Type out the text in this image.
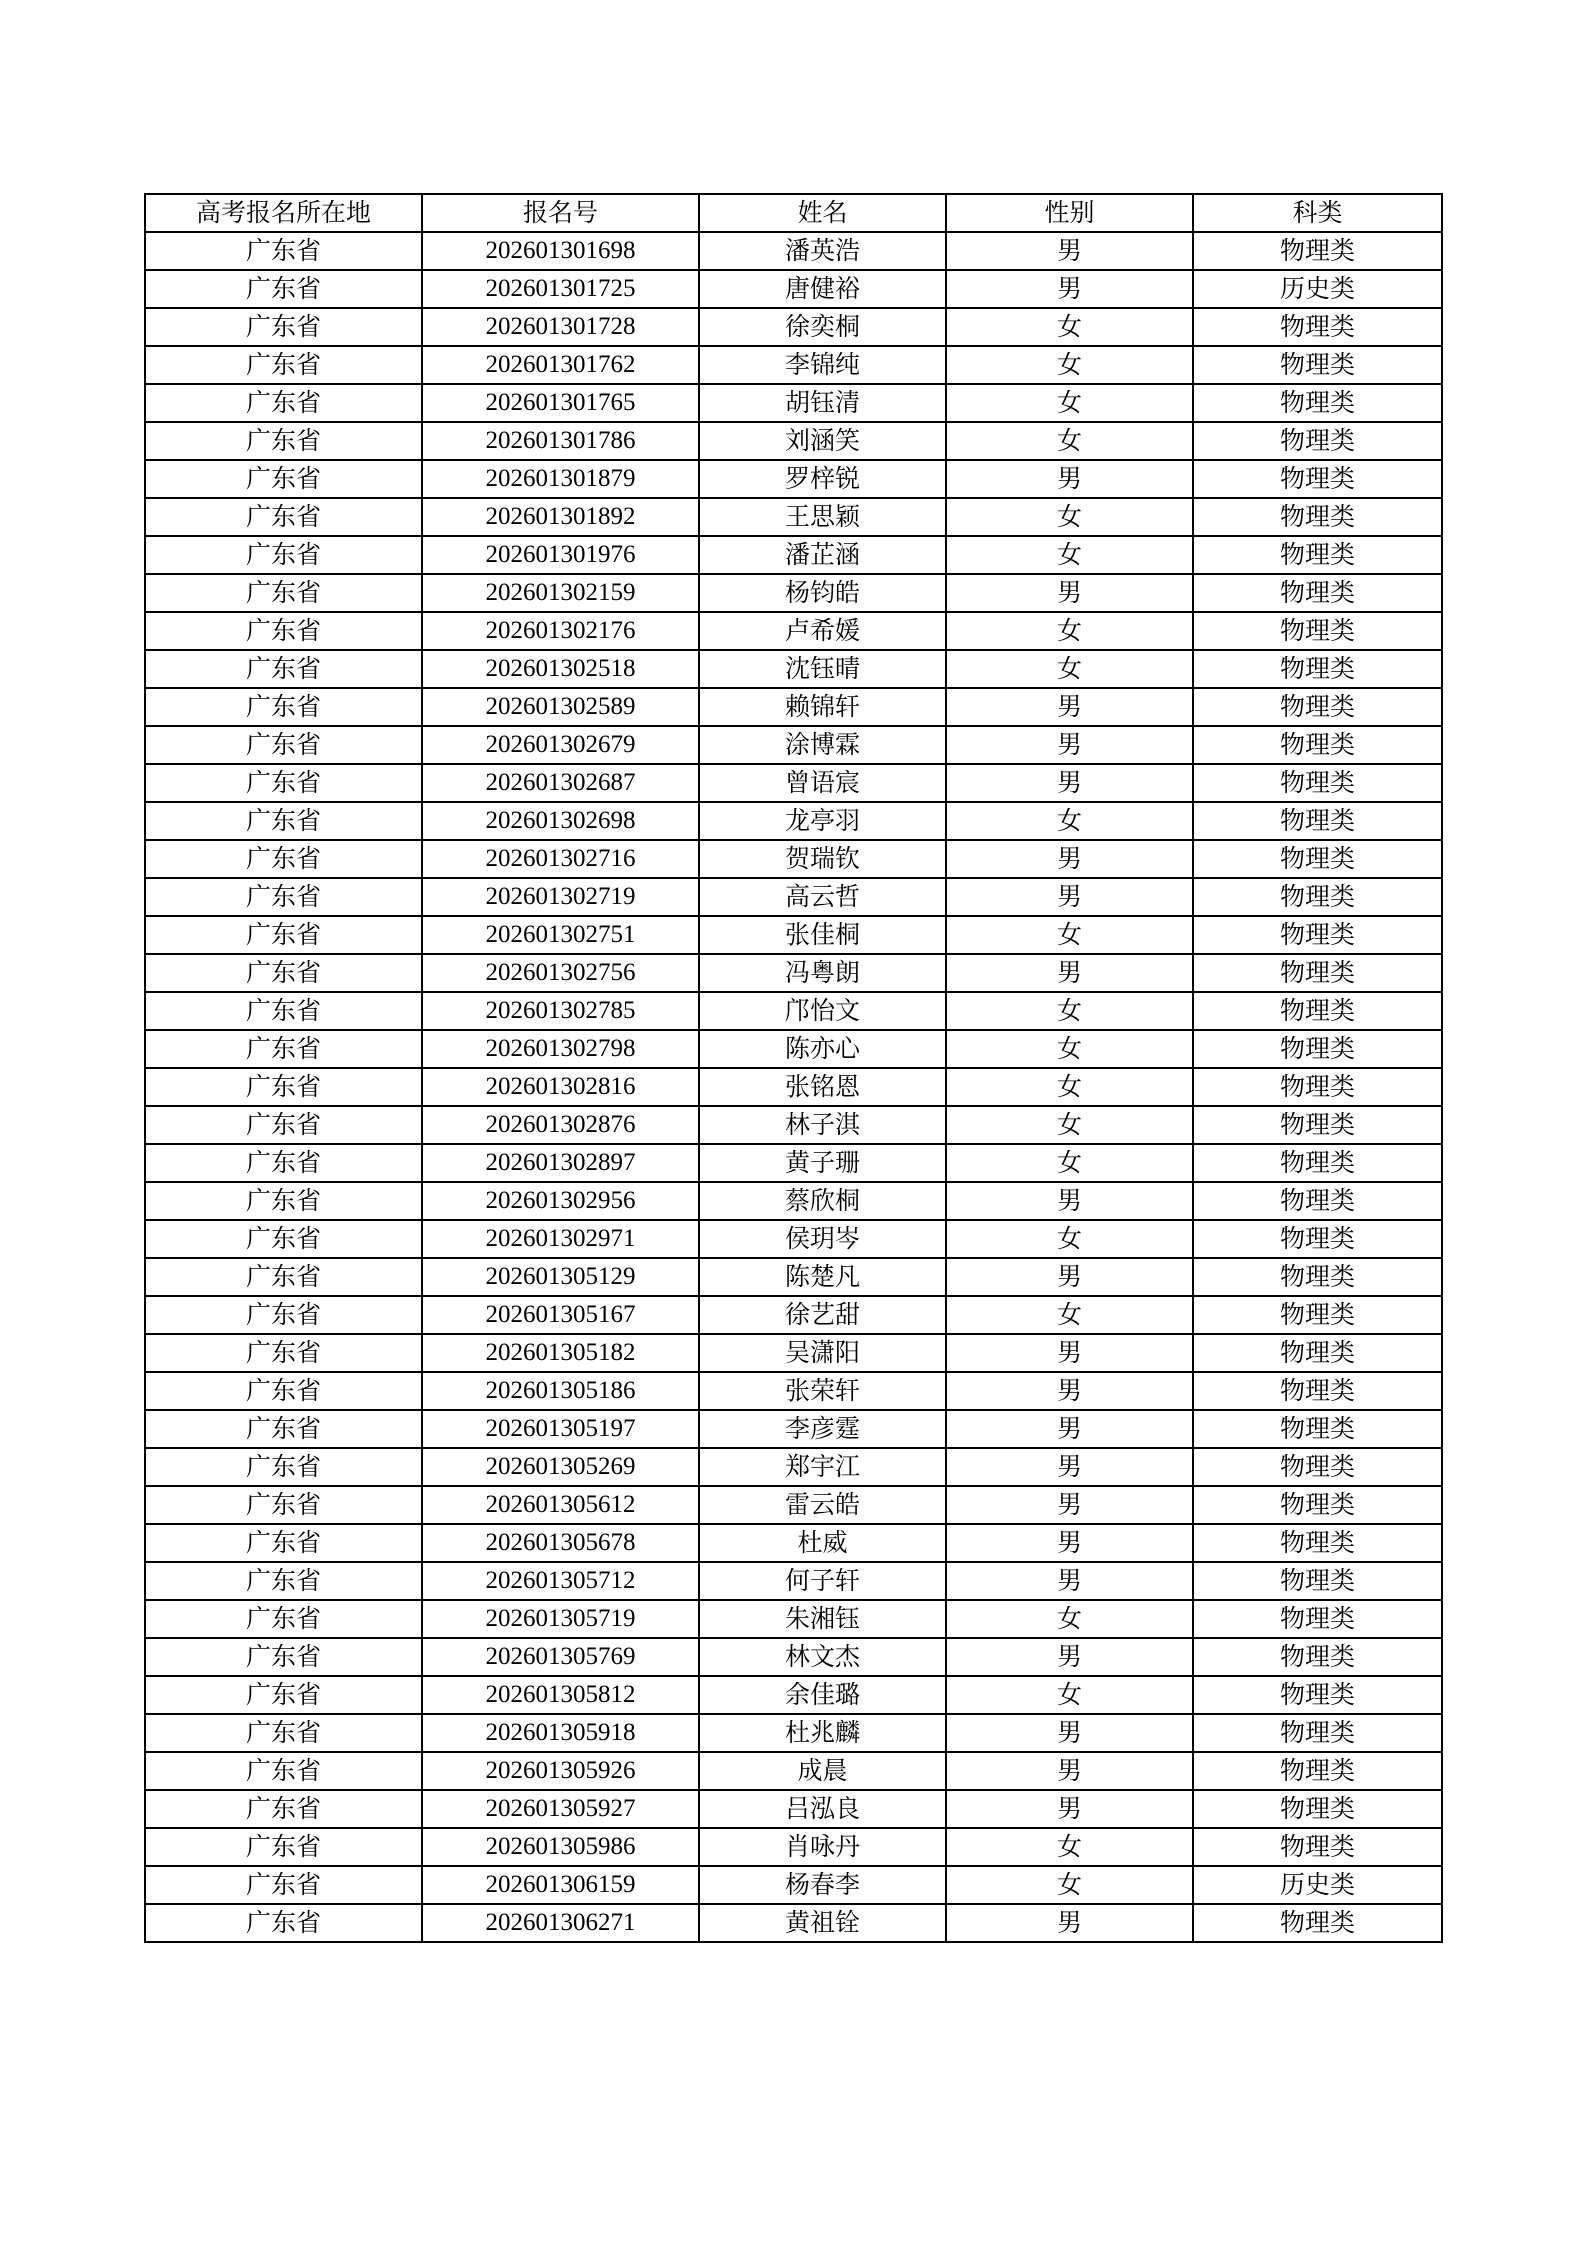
高考报名所在地	报名号	姓名	性别	科类
广东省	202601301698	潘英浩	男	物理类
广东省	202601301725	唐健裕	男	历史类
广东省	202601301728	徐奕桐	女	物理类
广东省	202601301762	李锦纯	女	物理类
广东省	202601301765	胡钰清	女	物理类
广东省	202601301786	刘涵笑	女	物理类
广东省	202601301879	罗梓锐	男	物理类
广东省	202601301892	王思颖	女	物理类
广东省	202601301976	潘芷涵	女	物理类
广东省	202601302159	杨钧皓	男	物理类
广东省	202601302176	卢希媛	女	物理类
广东省	202601302518	沈钰晴	女	物理类
广东省	202601302589	赖锦轩	男	物理类
广东省	202601302679	涂博霖	男	物理类
广东省	202601302687	曾语宸	男	物理类
广东省	202601302698	龙亭羽	女	物理类
广东省	202601302716	贺瑞钦	男	物理类
广东省	202601302719	高云哲	男	物理类
广东省	202601302751	张佳桐	女	物理类
广东省	202601302756	冯粤朗	男	物理类
广东省	202601302785	邝怡文	女	物理类
广东省	202601302798	陈亦心	女	物理类
广东省	202601302816	张铭恩	女	物理类
广东省	202601302876	林子淇	女	物理类
广东省	202601302897	黄子珊	女	物理类
广东省	202601302956	蔡欣桐	男	物理类
广东省	202601302971	侯玥岑	女	物理类
广东省	202601305129	陈楚凡	男	物理类
广东省	202601305167	徐艺甜	女	物理类
广东省	202601305182	吴潇阳	男	物理类
广东省	202601305186	张荣轩	男	物理类
广东省	202601305197	李彦霆	男	物理类
广东省	202601305269	郑宇江	男	物理类
广东省	202601305612	雷云皓	男	物理类
广东省	202601305678	杜威	男	物理类
广东省	202601305712	何子轩	男	物理类
广东省	202601305719	朱湘钰	女	物理类
广东省	202601305769	林文杰	男	物理类
广东省	202601305812	余佳璐	女	物理类
广东省	202601305918	杜兆麟	男	物理类
广东省	202601305926	成晨	男	物理类
广东省	202601305927	吕泓良	男	物理类
广东省	202601305986	肖咏丹	女	物理类
广东省	202601306159	杨春李	女	历史类
广东省	202601306271	黄祖铨	男	物理类
